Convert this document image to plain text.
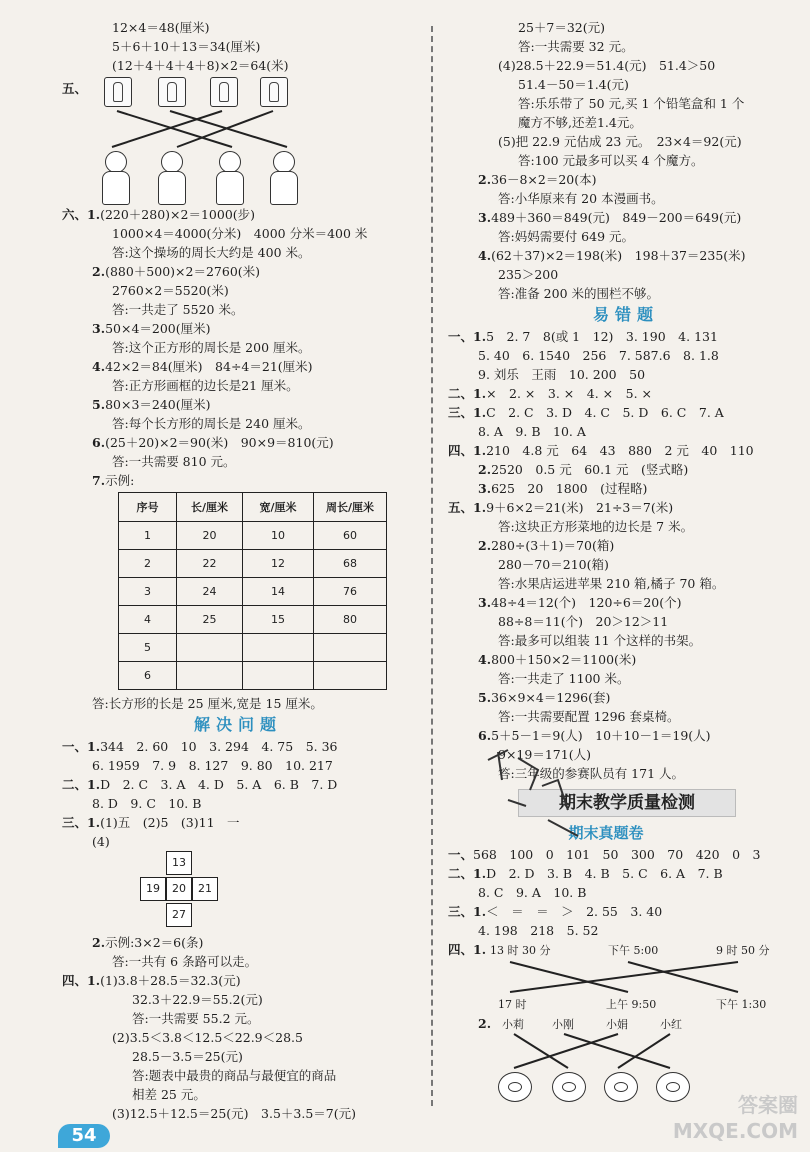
12×4＝48(厘米)
5＋6＋10＋13＝34(厘米)
(12＋4＋4＋4＋8)×2＝64(米)
五、
六、1.(220＋280)×2＝1000(步)
1000×4＝4000(分米)　4000 分米＝400 米
答:这个操场的周长大约是 400 米。
2.(880＋500)×2＝2760(米)
2760×2＝5520(米)
答:一共走了 5520 米。
3.50×4＝200(厘米)
答:这个正方形的周长是 200 厘米。
4.42×2＝84(厘米)　84÷4＝21(厘米)
答:正方形画框的边长是21 厘米。
5.80×3＝240(厘米)
答:每个长方形的周长是 240 厘米。
6.(25＋20)×2＝90(米)　90×9＝810(元)
答:一共需要 810 元。
7.示例:
序号	长/厘米	宽/厘米	周长/厘米
1	20	10	60
2	22	12	68
3	24	14	76
4	25	15	80
5			
6			
答:长方形的长是 25 厘米,宽是 15 厘米。
解决问题
一、1.344　2. 60　10　3. 294　4. 75　5. 36
6. 1959　7. 9　8. 127　9. 80　10. 217
二、1.D　2. C　3. A　4. D　5. A　6. B　7. D
8. D　9. C　10. B
三、1.(1)五　(2)5　(3)11　一
(4)
13
19	20	21
27
2.示例:3×2＝6(条)
答:一共有 6 条路可以走。
四、1.(1)3.8＋28.5＝32.3(元)
32.3＋22.9＝55.2(元)
答:一共需要 55.2 元。
(2)3.5＜3.8＜12.5＜22.9＜28.5
28.5－3.5＝25(元)
答:题表中最贵的商品与最便宜的商品
相差 25 元。
(3)12.5＋12.5＝25(元)　3.5＋3.5＝7(元)
25＋7＝32(元)
答:一共需要 32 元。
(4)28.5＋22.9＝51.4(元)　51.4＞50
51.4－50＝1.4(元)
答:乐乐带了 50 元,买 1 个铅笔盒和 1 个
魔方不够,还差1.4元。
(5)把 22.9 元估成 23 元。　23×4＝92(元)
答:100 元最多可以买 4 个魔方。
2.36－8×2＝20(本)
答:小华原来有 20 本漫画书。
3.489＋360＝849(元)　849－200＝649(元)
答:妈妈需要付 649 元。
4.(62＋37)×2＝198(米)　198＋37＝235(米)
235＞200
答:准备 200 米的围栏不够。
易错题
一、1.5　2. 7　8(或 1　12)　3. 190　4. 131
5. 40　6. 1540　256　7. 587.6　8. 1.8
9. 刘乐　王雨　10. 200　50
二、1.×　2. ×　3. ×　4. ×　5. ×
三、1.C　2. C　3. D　4. C　5. D　6. C　7. A
8. A　9. B　10. A
四、1.210　4.8 元　64　43　880　2 元　40　110
2.2520　0.5 元　60.1 元　(竖式略)
3.625　20　1800　(过程略)
五、1.9＋6×2＝21(米)　21÷3＝7(米)
答:这块正方形菜地的边长是 7 米。
2.280÷(3＋1)＝70(箱)
280－70＝210(箱)
答:水果店运进苹果 210 箱,橘子 70 箱。
3.48÷4＝12(个)　120÷6＝20(个)
88÷8＝11(个)　20＞12＞11
答:最多可以组装 11 个这样的书架。
4.800＋150×2＝1100(米)
答:一共走了 1100 米。
5.36×9×4＝1296(套)
答:一共需要配置 1296 套桌椅。
6.5＋5－1＝9(人)　10＋10－1＝19(人)
9×19＝171(人)
答:三年级的参赛队员有 171 人。
期末教学质量检测
期末真题卷
一、568　100　0　101　50　300　70　420　0　3
二、1.D　2. D　3. B　4. B　5. C　6. A　7. B
8. C　9. A　10. B
三、1.＜　＝　＝　＞　2. 55　3. 40
4. 198　218　5. 52
四、1. 13 时 30 分	下午 5:00	9 时 50 分
17 时	上午 9:50	下午 1:30
2. 小莉	小刚	小娟	小红
54
答案圈
MXQE.COM
